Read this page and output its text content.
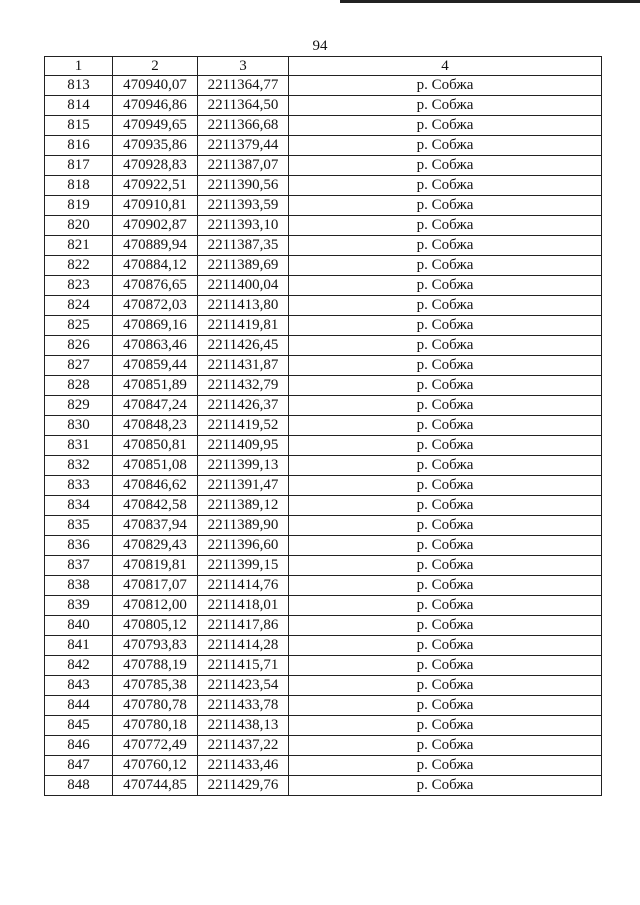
94
1	2	3	4
813	470940,07	2211364,77	р. Собжа
814	470946,86	2211364,50	р. Собжа
815	470949,65	2211366,68	р. Собжа
816	470935,86	2211379,44	р. Собжа
817	470928,83	2211387,07	р. Собжа
818	470922,51	2211390,56	р. Собжа
819	470910,81	2211393,59	р. Собжа
820	470902,87	2211393,10	р. Собжа
821	470889,94	2211387,35	р. Собжа
822	470884,12	2211389,69	р. Собжа
823	470876,65	2211400,04	р. Собжа
824	470872,03	2211413,80	р. Собжа
825	470869,16	2211419,81	р. Собжа
826	470863,46	2211426,45	р. Собжа
827	470859,44	2211431,87	р. Собжа
828	470851,89	2211432,79	р. Собжа
829	470847,24	2211426,37	р. Собжа
830	470848,23	2211419,52	р. Собжа
831	470850,81	2211409,95	р. Собжа
832	470851,08	2211399,13	р. Собжа
833	470846,62	2211391,47	р. Собжа
834	470842,58	2211389,12	р. Собжа
835	470837,94	2211389,90	р. Собжа
836	470829,43	2211396,60	р. Собжа
837	470819,81	2211399,15	р. Собжа
838	470817,07	2211414,76	р. Собжа
839	470812,00	2211418,01	р. Собжа
840	470805,12	2211417,86	р. Собжа
841	470793,83	2211414,28	р. Собжа
842	470788,19	2211415,71	р. Собжа
843	470785,38	2211423,54	р. Собжа
844	470780,78	2211433,78	р. Собжа
845	470780,18	2211438,13	р. Собжа
846	470772,49	2211437,22	р. Собжа
847	470760,12	2211433,46	р. Собжа
848	470744,85	2211429,76	р. Собжа
